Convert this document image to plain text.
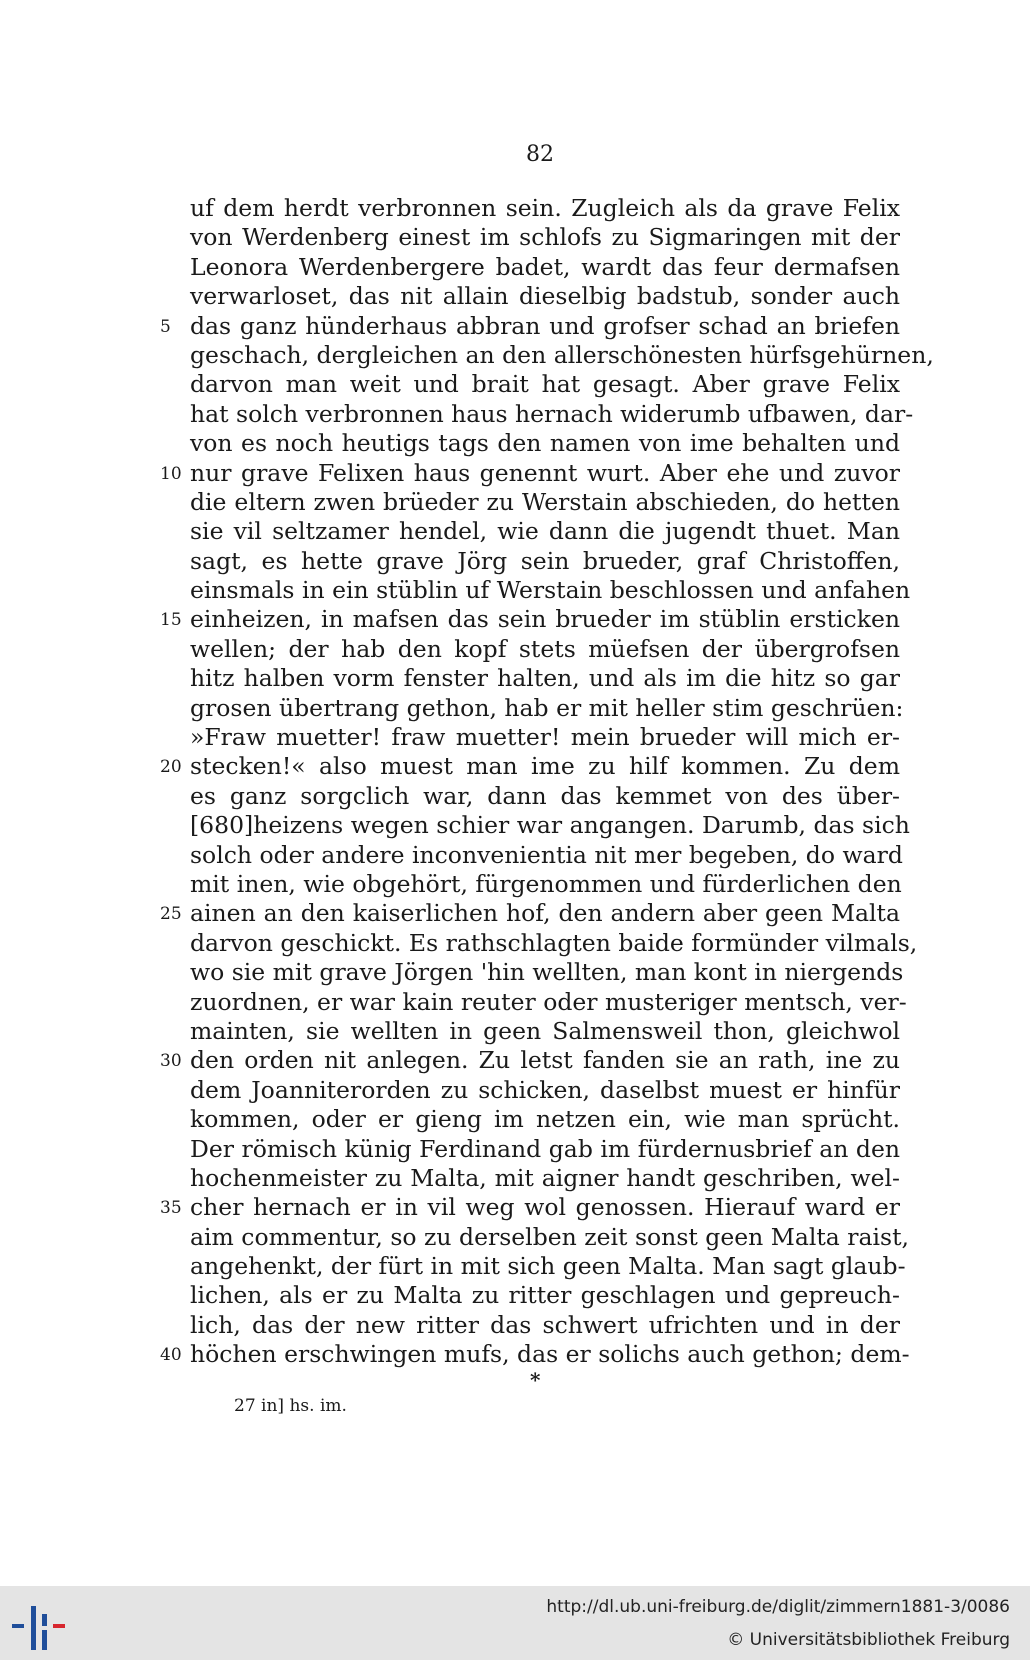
82
uf dem herdt verbronnen sein. Zugleich als da grave Felix
von Werdenberg einest im schlofs zu Sigmaringen mit der
Leonora Werdenbergere badet, wardt das feur dermafsen
verwarloset, das nit allain dieselbig badstub, sonder auch
5 das ganz hünderhaus abbran und grofser schad an briefen
geschach, dergleichen an den allerschönesten hürfsgehürnen,
darvon man weit und brait hat gesagt. Aber grave Felix
hat solch verbronnen haus hernach widerumb ufbawen, dar-
von es noch heutigs tags den namen von ime behalten und
10 nur grave Felixen haus genennt wurt. Aber ehe und zuvor
die eltern zwen brüeder zu Werstain abschieden, do hetten
sie vil seltzamer hendel, wie dann die jugendt thuet. Man
sagt, es hette grave Jörg sein brueder, graf Christoffen,
einsmals in ein stüblin uf Werstain beschlossen und anfahen
15 einheizen, in mafsen das sein brueder im stüblin ersticken
wellen; der hab den kopf stets müefsen der übergrofsen
hitz halben vorm fenster halten, und als im die hitz so gar
grosen übertrang gethon, hab er mit heller stim geschrüen:
»Fraw muetter! fraw muetter! mein brueder will mich er-
20 stecken!« also muest man ime zu hilf kommen. Zu dem
es ganz sorgclich war, dann das kemmet von des über-
[680]heizens wegen schier war angangen. Darumb, das sich
solch oder andere inconvenientia nit mer begeben, do ward
mit inen, wie obgehört, fürgenommen und fürderlichen den
25 ainen an den kaiserlichen hof, den andern aber geen Malta
darvon geschickt. Es rathschlagten baide formünder vilmals,
wo sie mit grave Jörgen 'hin wellten, man kont in niergends
zuordnen, er war kain reuter oder musteriger mentsch, ver-
mainten, sie wellten in geen Salmensweil thon, gleichwol
30 den orden nit anlegen. Zu letst fanden sie an rath, ine zu
dem Joanniterorden zu schicken, daselbst muest er hinfür
kommen, oder er gieng im netzen ein, wie man sprücht.
Der römisch künig Ferdinand gab im fürdernusbrief an den
hochenmeister zu Malta, mit aigner handt geschriben, wel-
35 cher hernach er in vil weg wol genossen. Hierauf ward er
aim commentur, so zu derselben zeit sonst geen Malta raist,
angehenkt, der fürt in mit sich geen Malta. Man sagt glaub-
lichen, als er zu Malta zu ritter geschlagen und gepreuch-
lich, das der new ritter das schwert ufrichten und in der
40 höchen erschwingen mufs, das er solichs auch gethon; dem-
*
27 in] hs. im.
http://dl.ub.uni-freiburg.de/diglit/zimmern1881-3/0086
© Universitätsbibliothek Freiburg
